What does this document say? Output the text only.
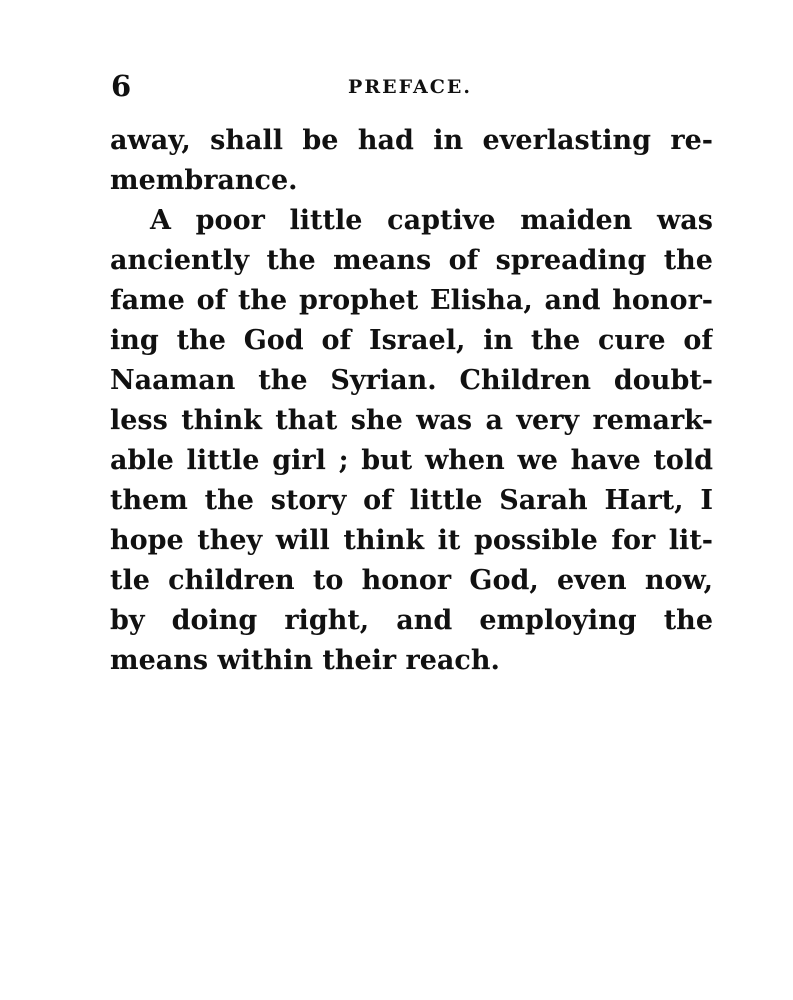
6	PREFACE.
away, shall be had in everlasting re-
membrance.
A poor little captive maiden was
anciently the means of spreading the
fame of the prophet Elisha, and honor-
ing the God of Israel, in the cure of
Naaman the Syrian. Children doubt-
less think that she was a very remark-
able little girl ; but when we have told
them the story of little Sarah Hart, I
hope they will think it possible for lit-
tle children to honor God, even now,
by doing right, and employing the
means within their reach.
